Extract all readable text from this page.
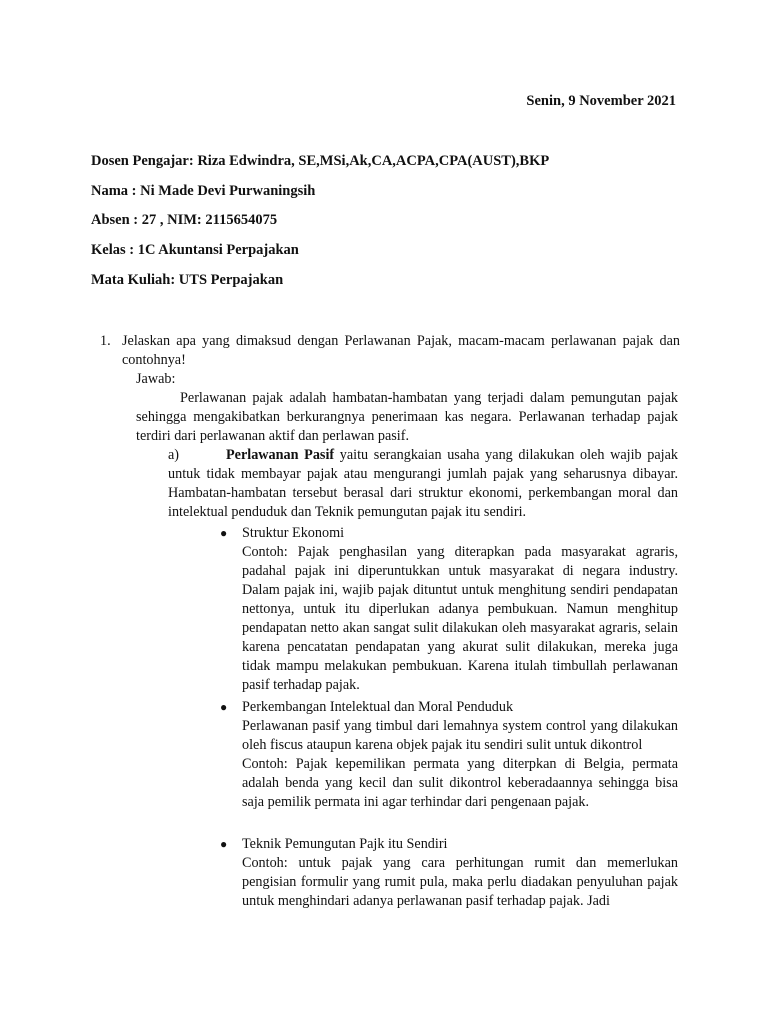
Senin, 9 November 2021
Dosen Pengajar: Riza Edwindra, SE,MSi,Ak,CA,ACPA,CPA(AUST),BKP
Nama : Ni Made Devi Purwaningsih
Absen : 27 , NIM: 2115654075
Kelas : 1C Akuntansi Perpajakan
Mata Kuliah: UTS Perpajakan
1. Jelaskan apa yang dimaksud dengan Perlawanan Pajak, macam-macam perlawanan pajak dan contohnya!
Jawab:
Perlawanan pajak adalah hambatan-hambatan yang terjadi dalam pemungutan pajak sehingga mengakibatkan berkurangnya penerimaan kas negara. Perlawanan terhadap pajak terdiri dari perlawanan aktif dan perlawan pasif.
a)	Perlawanan Pasif yaitu serangkaian usaha yang dilakukan oleh wajib pajak untuk tidak membayar pajak atau mengurangi jumlah pajak yang seharusnya dibayar. Hambatan-hambatan tersebut berasal dari struktur ekonomi, perkembangan moral dan intelektual penduduk dan Teknik pemungutan pajak itu sendiri.
● Struktur Ekonomi
Contoh: Pajak penghasilan yang diterapkan pada masyarakat agraris, padahal pajak ini diperuntukkan untuk masyarakat di negara industry. Dalam pajak ini, wajib pajak dituntut untuk menghitung sendiri pendapatan nettonya, untuk itu diperlukan adanya pembukuan. Namun menghitup pendapatan netto akan sangat sulit dilakukan oleh masyarakat agraris, selain karena pencatatan pendapatan yang akurat sulit dilakukan, mereka juga tidak mampu melakukan pembukuan. Karena itulah timbullah perlawanan pasif terhadap pajak.
● Perkembangan Intelektual dan Moral Penduduk
Perlawanan pasif yang timbul dari lemahnya system control yang dilakukan oleh fiscus ataupun karena objek pajak itu sendiri sulit untuk dikontrol
Contoh: Pajak kepemilikan permata yang diterpkan di Belgia, permata adalah benda yang kecil dan sulit dikontrol keberadaannya sehingga bisa saja pemilik permata ini agar terhindar dari pengenaan pajak.
● Teknik Pemungutan Pajk itu Sendiri
Contoh: untuk pajak yang cara perhitungan rumit dan memerlukan pengisian formulir yang rumit pula, maka perlu diadakan penyuluhan pajak untuk menghindari adanya perlawanan pasif terhadap pajak. Jadi
